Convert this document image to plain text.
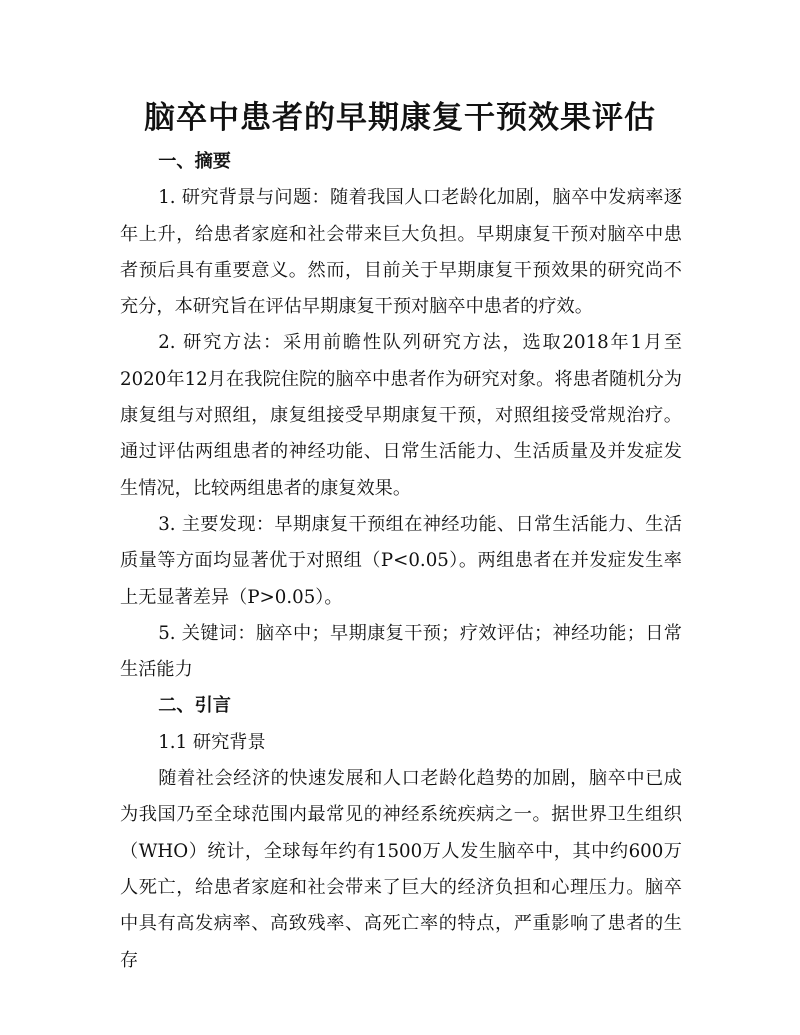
脑卒中患者的早期康复干预效果评估

一、摘要

1. 研究背景与问题：随着我国人口老龄化加剧，脑卒中发病率逐年上升，给患者家庭和社会带来巨大负担。早期康复干预对脑卒中患者预后具有重要意义。然而，目前关于早期康复干预效果的研究尚不充分，本研究旨在评估早期康复干预对脑卒中患者的疗效。

2. 研究方法：采用前瞻性队列研究方法，选取2018年1月至2020年12月在我院住院的脑卒中患者作为研究对象。将患者随机分为康复组与对照组，康复组接受早期康复干预，对照组接受常规治疗。通过评估两组患者的神经功能、日常生活能力、生活质量及并发症发生情况，比较两组患者的康复效果。

3. 主要发现：早期康复干预组在神经功能、日常生活能力、生活质量等方面均显著优于对照组（P<0.05）。两组患者在并发症发生率上无显著差异（P>0.05）。

5. 关键词：脑卒中；早期康复干预；疗效评估；神经功能；日常生活能力

二、引言

1.1 研究背景

随着社会经济的快速发展和人口老龄化趋势的加剧，脑卒中已成为我国乃至全球范围内最常见的神经系统疾病之一。据世界卫生组织（WHO）统计，全球每年约有1500万人发生脑卒中，其中约600万人死亡，给患者家庭和社会带来了巨大的经济负担和心理压力。脑卒中具有高发病率、高致残率、高死亡率的特点，严重影响了患者的生存
